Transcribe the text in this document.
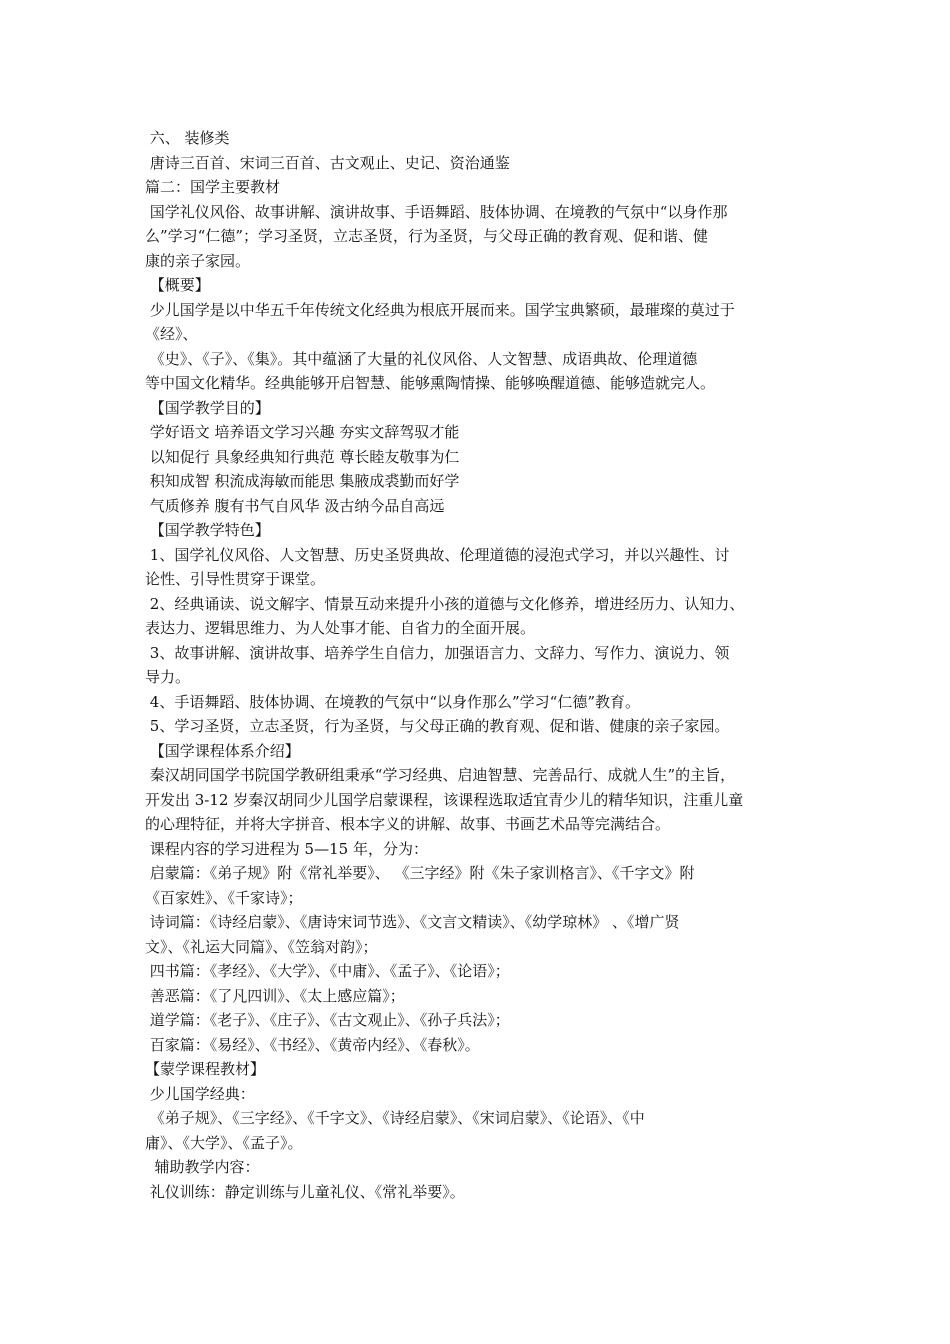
六、 装修类
唐诗三百首、宋词三百首、古文观止、史记、资治通鉴
篇二：国学主要教材
国学礼仪风俗、故事讲解、演讲故事、手语舞蹈、肢体协调、在境教的气氛中“以身作那
么”学习“仁德”；学习圣贤，立志圣贤，行为圣贤，与父母正确的教育观、促和谐、健
康的亲子家园。
【概要】
少儿国学是以中华五千年传统文化经典为根底开展而来。国学宝典繁硕，最璀璨的莫过于
《经》、
《史》、《子》、《集》。其中蕴涵了大量的礼仪风俗、人文智慧、成语典故、伦理道德
等中国文化精华。经典能够开启智慧、能够熏陶情操、能够唤醒道德、能够造就完人。
【国学教学目的】
学好语文 培养语文学习兴趣 夯实文辞驾驭才能
以知促行 具象经典知行典范 尊长睦友敬事为仁
积知成智 积流成海敏而能思 集腋成裘勤而好学
气质修养 腹有书气自风华 汲古纳今品自高远
【国学教学特色】
1、国学礼仪风俗、人文智慧、历史圣贤典故、伦理道德的浸泡式学习，并以兴趣性、讨
论性、引导性贯穿于课堂。
2、经典诵读、说文解字、情景互动来提升小孩的道德与文化修养，增进经历力、认知力、
表达力、逻辑思维力、为人处事才能、自省力的全面开展。
3、故事讲解、演讲故事、培养学生自信力，加强语言力、文辞力、写作力、演说力、领
导力。
4、手语舞蹈、肢体协调、在境教的气氛中“以身作那么”学习“仁德”教育。
5、学习圣贤，立志圣贤，行为圣贤，与父母正确的教育观、促和谐、健康的亲子家园。
【国学课程体系介绍】
秦汉胡同国学书院国学教研组秉承“学习经典、启迪智慧、完善品行、成就人生”的主旨，
开发出 3-12 岁秦汉胡同少儿国学启蒙课程，该课程选取适宜青少儿的精华知识，注重儿童
的心理特征，并将大字拼音、根本字义的讲解、故事、书画艺术品等完满结合。
课程内容的学习进程为 5—15 年，分为：
启蒙篇：《弟子规》附《常礼举要》、 《三字经》附《朱子家训格言》、《千字文》附
《百家姓》、《千家诗》；
诗词篇：《诗经启蒙》、《唐诗宋词节选》、《文言文精读》、《幼学琼林》 、《增广贤
文》、《礼运大同篇》、《笠翁对韵》；
四书篇：《孝经》、《大学》、《中庸》、《孟子》、《论语》；
善恶篇：《了凡四训》、《太上感应篇》；
道学篇：《老子》、《庄子》、《古文观止》、《孙子兵法》；
百家篇：《易经》、《书经》、《黄帝内经》、《春秋》。
【蒙学课程教材】
少儿国学经典：
《弟子规》、《三字经》、《千字文》、《诗经启蒙》、《宋词启蒙》、《论语》、《中
庸》、《大学》、《孟子》。
辅助教学内容：
礼仪训练：静定训练与儿童礼仪、《常礼举要》。
